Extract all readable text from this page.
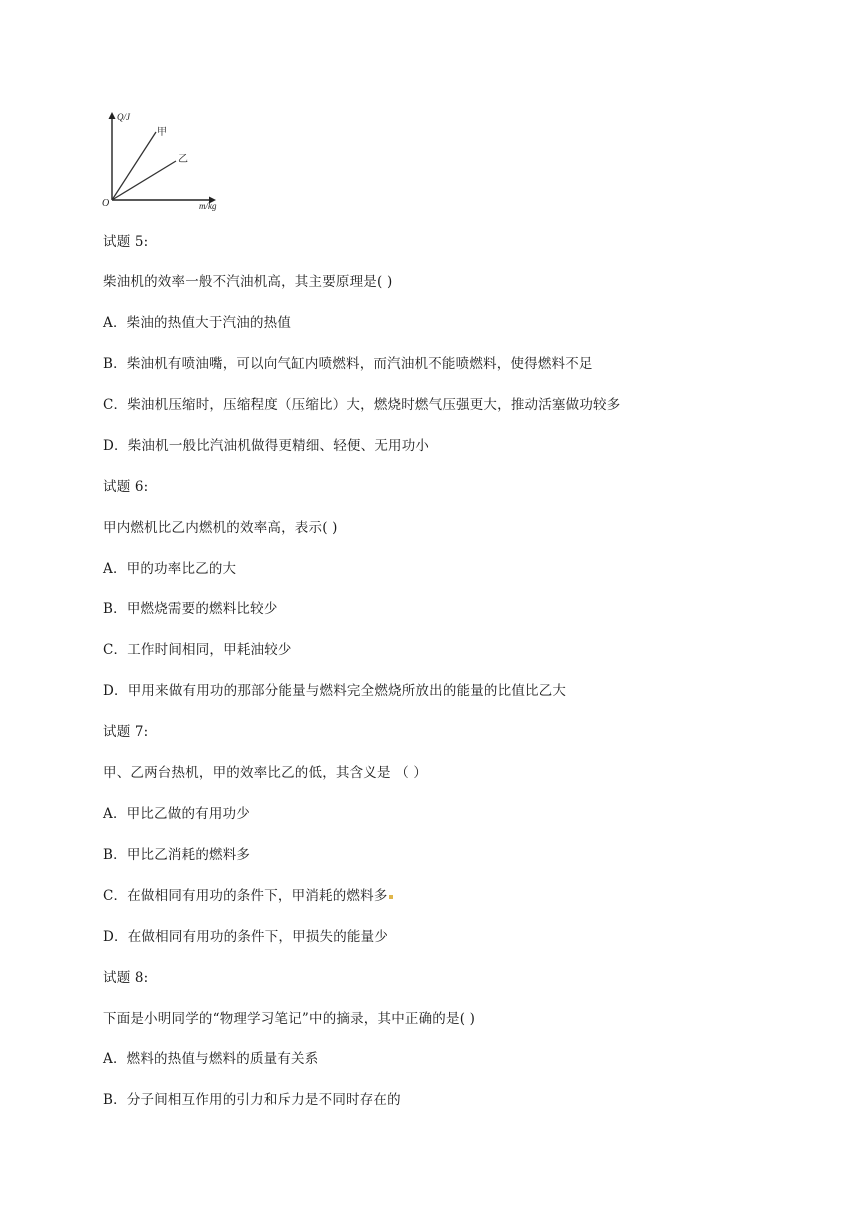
Q/J
甲
乙
O	m/kg
试题 5:
柴油机的效率一般不汽油机高，其主要原理是( )
A．柴油的热值大于汽油的热值
B．柴油机有喷油嘴，可以向气缸内喷燃料，而汽油机不能喷燃料，使得燃料不足
C．柴油机压缩时，压缩程度（压缩比）大，燃烧时燃气压强更大，推动活塞做功较多
D．柴油机一般比汽油机做得更精细、轻便、无用功小
试题 6:
甲内燃机比乙内燃机的效率高，表示( )
A．甲的功率比乙的大
B．甲燃烧需要的燃料比较少
C．工作时间相同，甲耗油较少
D．甲用来做有用功的那部分能量与燃料完全燃烧所放出的能量的比值比乙大
试题 7:
甲、乙两台热机，甲的效率比乙的低，其含义是 （ ）
A．甲比乙做的有用功少
B．甲比乙消耗的燃料多
C．在做相同有用功的条件下，甲消耗的燃料多
D．在做相同有用功的条件下，甲损失的能量少
试题 8:
下面是小明同学的“物理学习笔记”中的摘录，其中正确的是( )
A．燃料的热值与燃料的质量有关系
B．分子间相互作用的引力和斥力是不同时存在的
